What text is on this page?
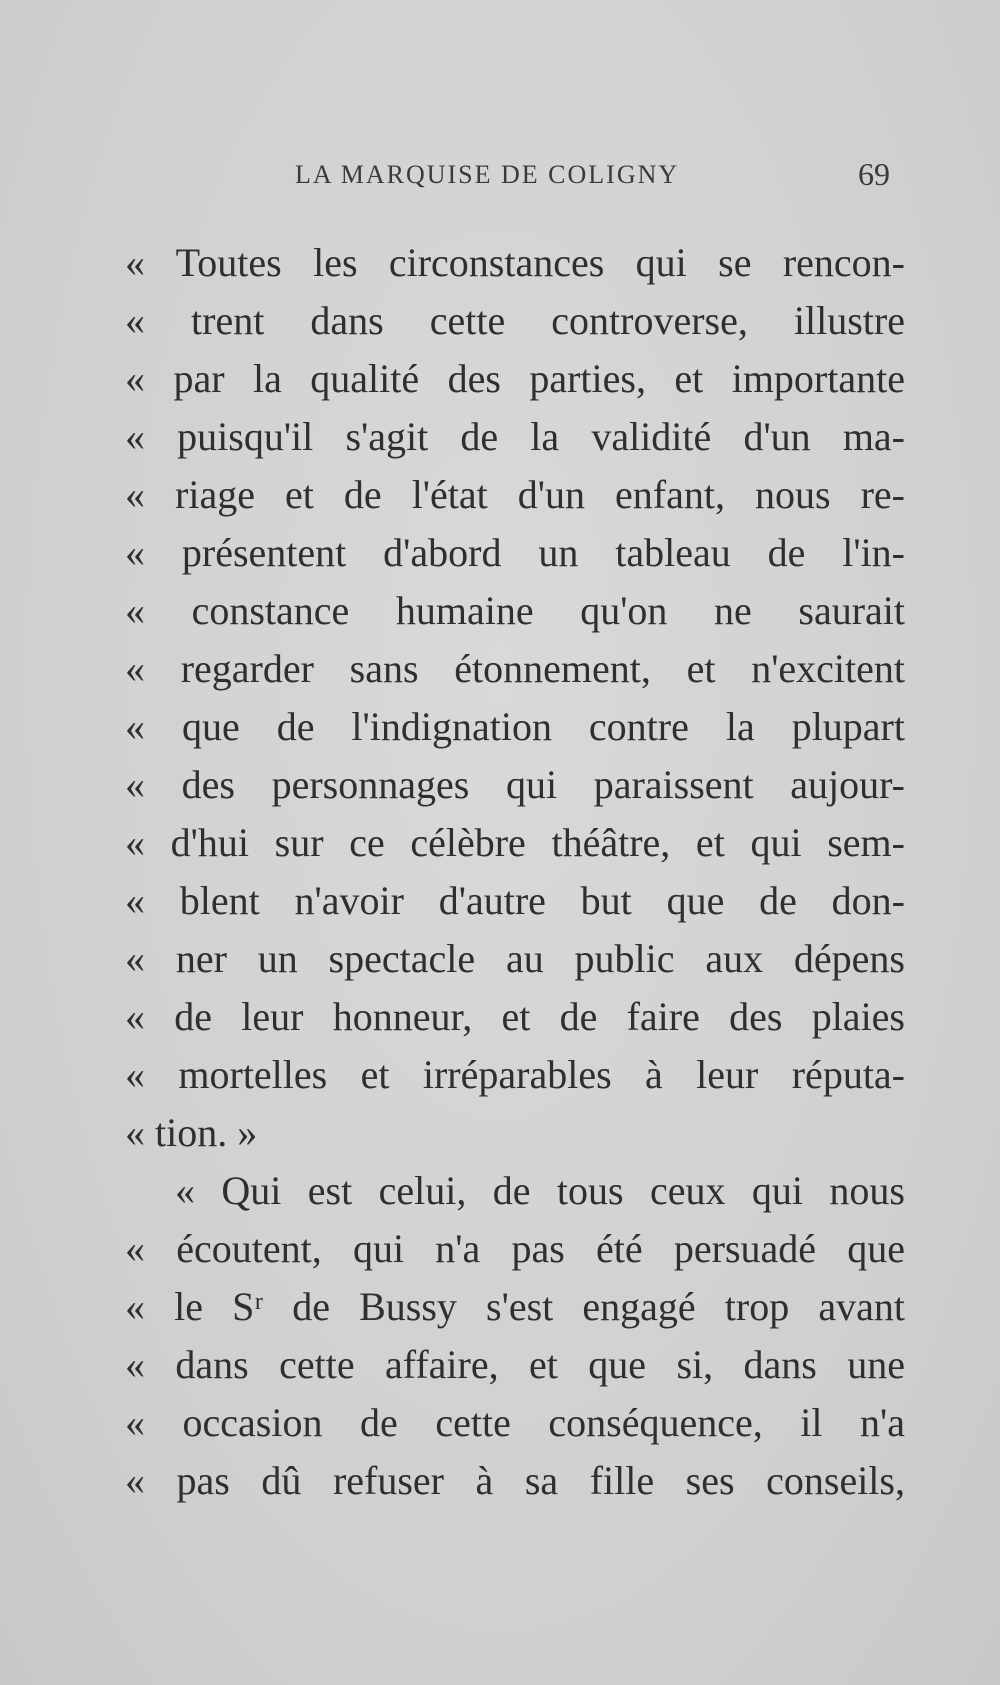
LA MARQUISE DE COLIGNY	69
« Toutes les circonstances qui se rencon-
« trent dans cette controverse, illustre
« par la qualité des parties, et importante
« puisqu'il s'agit de la validité d'un ma-
« riage et de l'état d'un enfant, nous re-
« présentent d'abord un tableau de l'in-
« constance humaine qu'on ne saurait
« regarder sans étonnement, et n'excitent
« que de l'indignation contre la plupart
« des personnages qui paraissent aujour-
« d'hui sur ce célèbre théâtre, et qui sem-
« blent n'avoir d'autre but que de don-
« ner un spectacle au public aux dépens
« de leur honneur, et de faire des plaies
« mortelles et irréparables à leur réputa-
« tion. »
« Qui est celui, de tous ceux qui nous
« écoutent, qui n'a pas été persuadé que
« le Sʳ de Bussy s'est engagé trop avant
« dans cette affaire, et que si, dans une
« occasion de cette conséquence, il n'a
« pas dû refuser à sa fille ses conseils,
